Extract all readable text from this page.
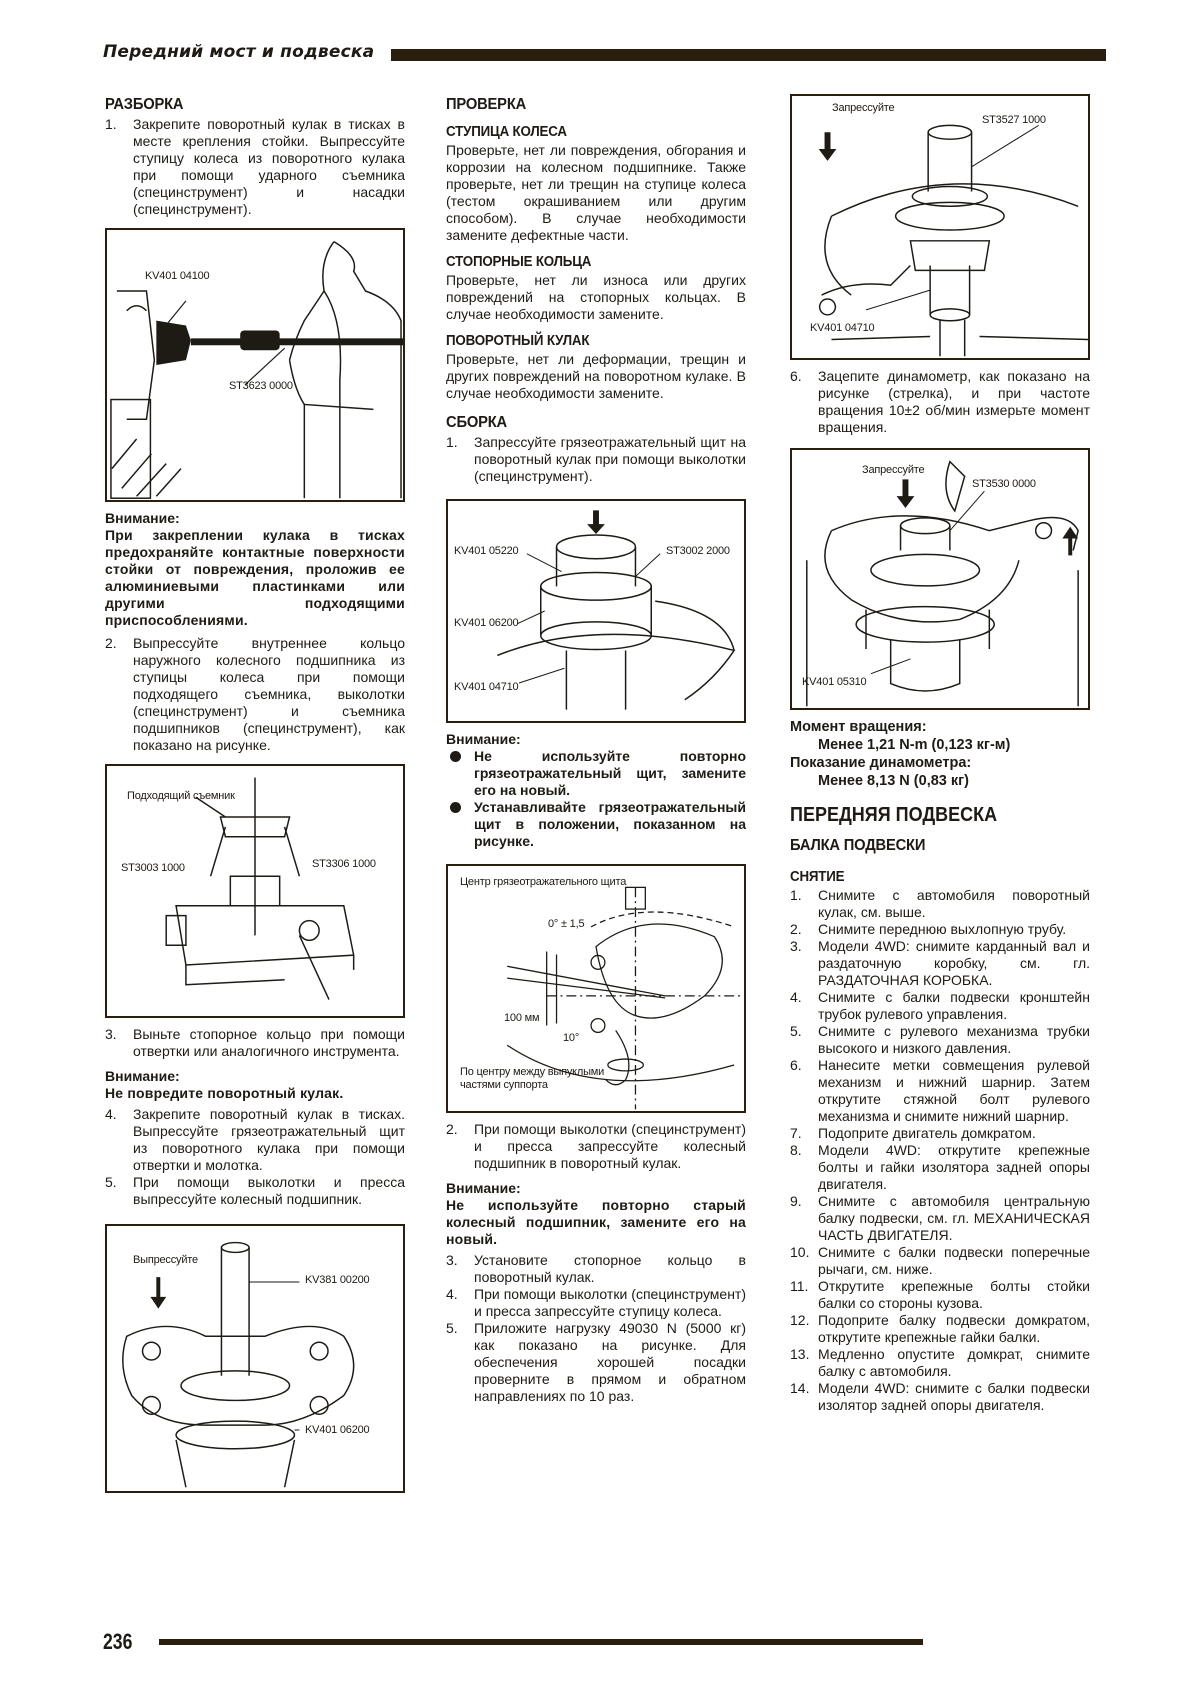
Передний мост и подвеска
РАЗБОРКА
1. Закрепите поворотный кулак в тисках в месте крепления стойки. Выпрессуйте ступицу колеса из поворотного кулака при помощи ударного съемника (специнструмент) и насадки (специнструмент).
KV401 04100
ST3623 0000
Внимание:
При закреплении кулака в тисках предохраняйте контактные поверхности стойки от повреждения, проложив ее алюминиевыми пластинками или другими подходящими приспособлениями.
2. Выпрессуйте внутреннее кольцо наружного колесного подшипника из ступицы колеса при помощи подходящего съемника, выколотки (специнструмент) и съемника подшипников (специнструмент), как показано на рисунке.
Подходящий съемник
ST3003 1000	ST3306 1000
3. Выньте стопорное кольцо при помощи отвертки или аналогичного инструмента.
Внимание:
Не повредите поворотный кулак.
4. Закрепите поворотный кулак в тисках. Выпрессуйте грязеотражательный щит из поворотного кулака при помощи отвертки и молотка.
5. При помощи выколотки и пресса выпрессуйте колесный подшипник.
Выпрессуйте
KV381 00200
KV401 06200
ПРОВЕРКА
СТУПИЦА КОЛЕСА

Проверьте, нет ли повреждения, обгорания и коррозии на колесном подшипнике. Также проверьте, нет ли трещин на ступице колеса (тестом окрашиванием или другим способом). В случае необходимости замените дефектные части.

СТОПОРНЫЕ КОЛЬЦА

Проверьте, нет ли износа или других повреждений на стопорных кольцах. В случае необходимости замените.

ПОВОРОТНЫЙ КУЛАК

Проверьте, нет ли деформации, трещин и других повреждений на поворотном кулаке. В случае необходимости замените.

СБОРКА
1. Запрессуйте грязеотражательный щит на поворотный кулак при помощи выколотки (специнструмент).
KV401 05220	ST3002 2000
KV401 06200
KV401 04710
Внимание:
Не используйте повторно грязеотражательный щит, замените его на новый.
Устанавливайте грязеотражательный щит в положении, показанном на рисунке.
Центр грязеотражательного щита
0° ± 1,5
100 мм
10°
По центру между выпуклыми частями суппорта
2. При помощи выколотки (специнструмент) и пресса запрессуйте колесный подшипник в поворотный кулак.
Внимание:
Не используйте повторно старый колесный подшипник, замените его на новый.
3. Установите стопорное кольцо в поворотный кулак.
4. При помощи выколотки (специнструмент) и пресса запрессуйте ступицу колеса.
5. Приложите нагрузку 49030 N (5000 кг) как показано на рисунке. Для обеспечения хорошей посадки проверните в прямом и обратном направлениях по 10 раз.
Запрессуйте
ST3527 1000
KV401 04710
6. Зацепите динамометр, как показано на рисунке (стрелка), и при частоте вращения 10±2 об/мин измерьте момент вращения.
Запрессуйте
ST3530 0000
KV401 05310
Момент вращения:
Менее 1,21 N-m (0,123 кг-м)
Показание динамометра:
Менее 8,13 N (0,83 кг)
ПЕРЕДНЯЯ ПОДВЕСКА
БАЛКА ПОДВЕСКИ
СНЯТИЕ
1. Снимите с автомобиля поворотный кулак, см. выше.
2. Снимите переднюю выхлопную трубу.
3. Модели 4WD: снимите карданный вал и раздаточную коробку, см. гл. РАЗДАТОЧНАЯ КОРОБКА.
4. Снимите с балки подвески кронштейн трубок рулевого управления.
5. Снимите с рулевого механизма трубки высокого и низкого давления.
6. Нанесите метки совмещения рулевой механизм и нижний шарнир. Затем открутите стяжной болт рулевого механизма и снимите нижний шарнир.
7. Подоприте двигатель домкратом.
8. Модели 4WD: открутите крепежные болты и гайки изолятора задней опоры двигателя.
9. Снимите с автомобиля центральную балку подвески, см. гл. МЕХАНИЧЕСКАЯ ЧАСТЬ ДВИГАТЕЛЯ.
10. Снимите с балки подвески поперечные рычаги, см. ниже.
11. Открутите крепежные болты стойки балки со стороны кузова.
12. Подоприте балку подвески домкратом, открутите крепежные гайки балки.
13. Медленно опустите домкрат, снимите балку с автомобиля.
14. Модели 4WD: снимите с балки подвески изолятор задней опоры двигателя.
236
